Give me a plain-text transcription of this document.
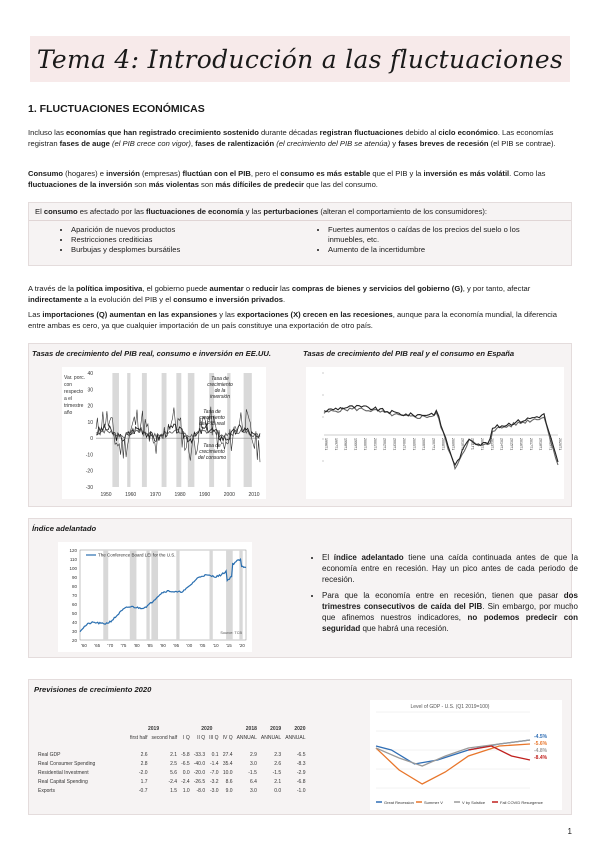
Tema 4: Introducción a las fluctuaciones
1. FLUCTUACIONES ECONÓMICAS
Incluso las economías que han registrado crecimiento sostenido durante décadas registran fluctuaciones debido al ciclo económico. Las economías registran fases de auge (el PIB crece con vigor), fases de ralentización (el crecimiento del PIB se atenúa) y fases breves de recesión (el PIB se contrae).
Consumo (hogares) e inversión (empresas) fluctúan con el PIB, pero el consumo es más estable que el PIB y la inversión es más volátil. Como las fluctuaciones de la inversión son más violentas son más difíciles de predecir que las del consumo.
El consumo es afectado por las fluctuaciones de economía y las perturbaciones (alteran el comportamiento de los consumidores):
• Aparición de nuevos productos
• Restricciones crediticias
• Burbujas y desplomes bursátiles
• Fuertes aumentos o caídas de los precios del suelo o los inmuebles, etc.
• Aumento de la incertidumbre
A través de la política impositiva, el gobierno puede aumentar o reducir las compras de bienes y servicios del gobierno (G), y por tanto, afectar indirectamente a la evolución del PIB y el consumo e inversión privados.
Las importaciones (Q) aumentan en las expansiones y las exportaciones (X) crecen en las recesiones, aunque para la economía mundial, la diferencia entre ambas es cero, ya que cualquier importación de un país constituye una exportación de otro país.
Tasas de crecimiento del PIB real, consumo e inversión en EE.UU.	Tasas de crecimiento del PIB real y el consumo en España
Var. porc.
con
respecto
a el
trimestre
año
40
30
20
10
0
-10
-20
-30
1950	1960	1970	1980	1990	2000	2010
Tasa de
crecimiento
de la
inversión
Tasa de
crecimiento
del PIB real
Tasa de
crecimiento
del consumo
1996T1 1997T1 1998T1 1999T1 2000T1 2001T1 2002T1 2003T1 2004T1 2005T1 2006T1 2007T1 2008T1 2009T1 2010T1 2011T1 2012T1 2013T1 2014T1 2015T1 2016T1 2017T1 2018T1 2019T1 2020T1
Índice adelantado
120
110
100
90
80
70
60
50
40
30
20
The Conference Board LEI for the U.S.
Source: TCB
'60 '65 '70 '75 '80 '85 '90 '95 '00 '05 '10 '15 '20
• El índice adelantado tiene una caída continuada antes de que la economía entre en recesión. Hay un pico antes de cada periodo de recesión.
• Para que la economía entre en recesión, tienen que pasar dos trimestres consecutivos de caída del PIB. Sin embargo, por mucho que afinemos nuestros indicadores, no podemos predecir con seguridad que habrá una recesión.
Previsiones de crecimiento 2020
	2019		2020				2018	2019	2020
	first half	second half	I Q	II Q	III Q	IV Q	ANNUAL	ANNUAL	ANNUAL

Real GDP	2.6	2.1	-5.8	-33.3	0.1	27.4	2.9	2.3	-6.5
Real Consumer Spending	2.8	2.5	-6.5	-40.0	-1.4	35.4	3.0	2.6	-8.3
Residential Investment	-2.0	5.6	0.0	-20.0	-7.0	10.0	-1.5	-1.5	-2.9
Real Capital Spending	1.7	-2.4	-2.4	-26.5	-3.2	8.6	6.4	2.1	-6.8
Exports	-0.7	1.5	1.0	-8.0	-3.0	9.0	3.0	0.0	-1.0
Level of GDP - U.S. (Q1 2019=100)
-4.5%
-5.6%
-4.8%
-8.4%
Great Recession	Summer V	V by Solstice	Fall COVID Resurgence
1
